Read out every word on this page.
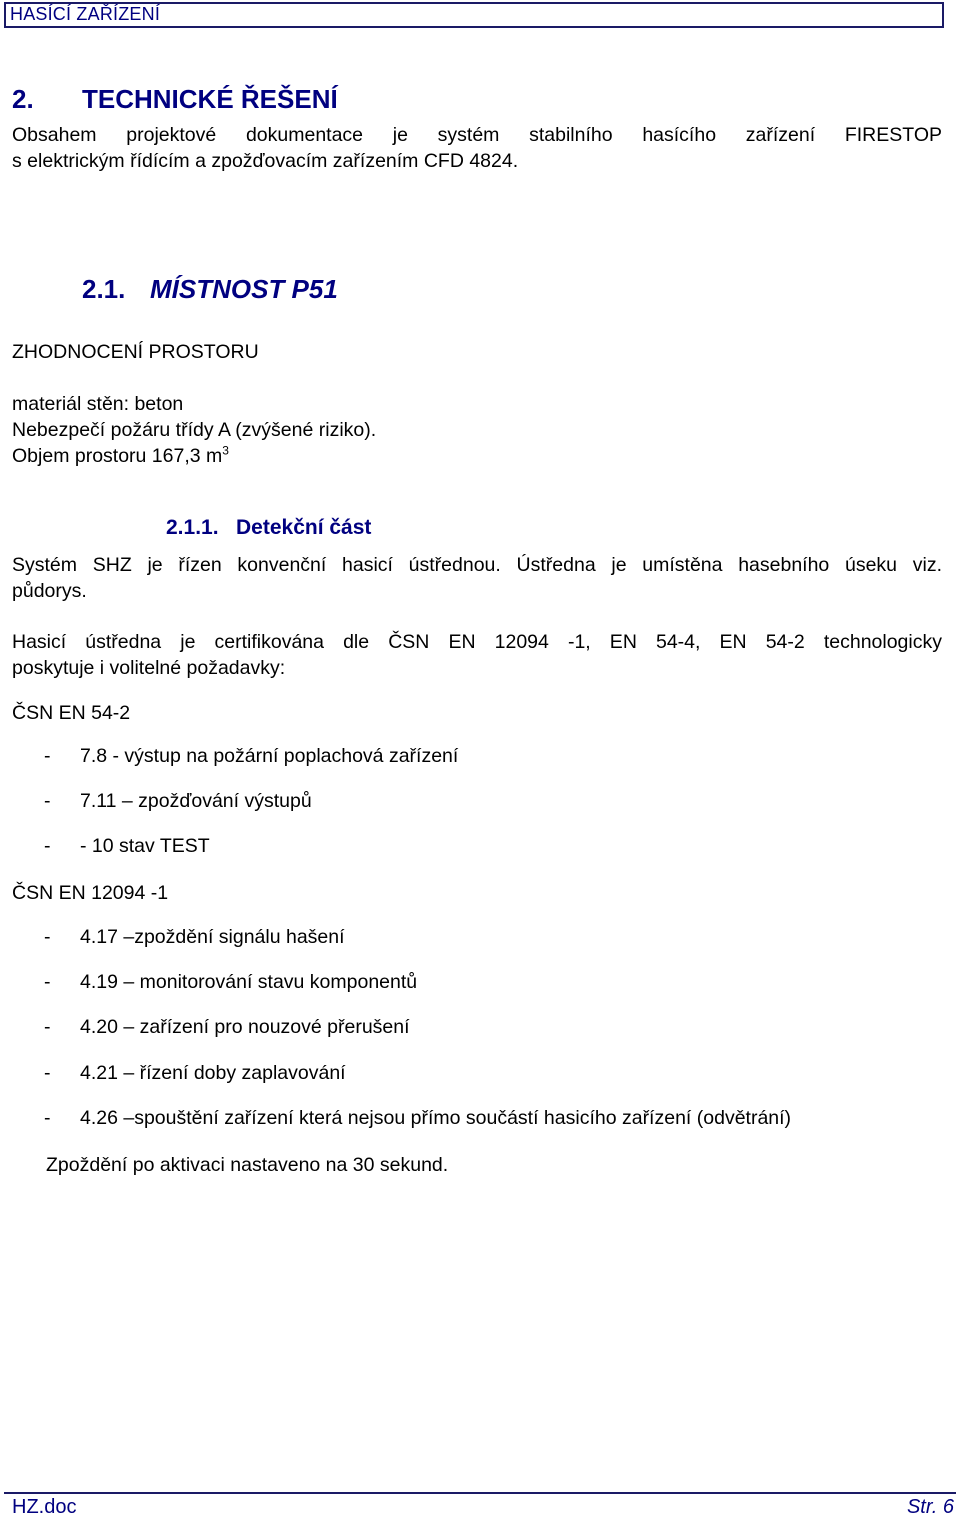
HASÍCÍ ZAŘÍZENÍ
2. TECHNICKÉ ŘEŠENÍ
Obsahem projektové dokumentace je systém stabilního hasícího zařízení FIRESTOP
s elektrickým řídícím a zpožďovacím zařízením CFD 4824.
2.1. MÍSTNOST P51
ZHODNOCENÍ PROSTORU
materiál stěn: beton
Nebezpečí požáru třídy A (zvýšené riziko).
Objem prostoru 167,3 $m^3$
2.1.1. Detekční část
Systém SHZ je řízen konvenční hasicí ústřednou. Ústředna je umístěna hasebního úseku viz.
půdorys.
Hasicí ústředna je certifikována dle ČSN EN 12094 -1, EN 54-4, EN 54-2 technologicky
poskytuje i volitelné požadavky:
ČSN EN 54-2
- 7.8 - výstup na požární poplachová zařízení
- 7.11 – zpožďování výstupů
- - 10 stav TEST
ČSN EN 12094 -1
- 4.17 –zpoždění signálu hašení
- 4.19 – monitorování stavu komponentů
- 4.20 – zařízení pro nouzové přerušení
- 4.21 – řízení doby zaplavování
- 4.26 –spouštění zařízení která nejsou přímo součástí hasicího zařízení (odvětrání)
Zpoždění po aktivaci nastaveno na 30 sekund.
HZ.doc	Str. 6
